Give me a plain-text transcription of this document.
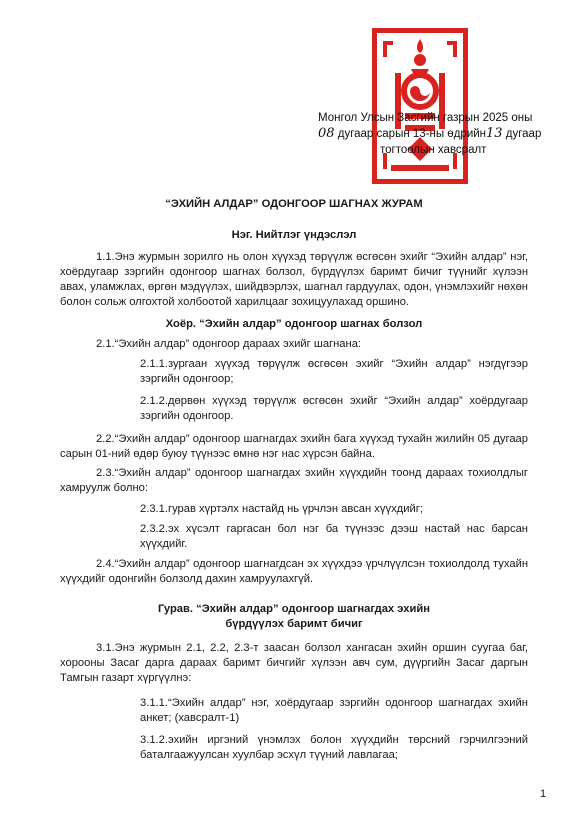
Монгол Улсын Засгийн газрын 2025 оны
08 дугаар сарын 13-ны өдрийн13 дугаар
тогтоолын хавсралт
“ЭХИЙН АЛДАР” ОДОНГООР ШАГНАХ ЖУРАМ
Нэг. Нийтлэг үндэслэл
1.1.Энэ журмын зорилго нь олон хүүхэд төрүүлж өсгөсөн эхийг “Эхийн алдар” нэг, хоёрдугаар зэргийн одонгоор шагнах болзол, бүрдүүлэх баримт бичиг түүнийг хүлээн авах, уламжлах, өргөн мэдүүлэх, шийдвэрлэх, шагнал гардуулах, одон, үнэмлэхийг нөхөн болон сольж олгохтой холбоотой харилцааг зохицуулахад оршино.
Хоёр. “Эхийн алдар” одонгоор шагнах болзол
2.1.“Эхийн алдар” одонгоор дараах эхийг шагнана:
2.1.1.зургаан хүүхэд төрүүлж өсгөсөн эхийг “Эхийн алдар” нэгдүгээр зэргийн одонгоор;
2.1.2.дөрвөн хүүхэд төрүүлж өсгөсөн эхийг “Эхийн алдар” хоёрдугаар зэргийн одонгоор.
2.2.“Эхийн алдар” одонгоор шагнагдах эхийн бага хүүхэд тухайн жилийн 05 дугаар сарын 01-ний өдөр буюу түүнээс өмнө нэг нас хүрсэн байна.
2.3.“Эхийн алдар” одонгоор шагнагдах эхийн хүүхдийн тоонд дараах тохиолдлыг хамруулж болно:
2.3.1.гурав хүртэлх настайд нь үрчлэн авсан хүүхдийг;
2.3.2.эх хүсэлт гаргасан бол нэг ба түүнээс дээш настай нас барсан хүүхдийг.
2.4.“Эхийн алдар” одонгоор шагнагдсан эх хүүхдээ үрчлүүлсэн тохиолдолд тухайн хүүхдийг одонгийн болзолд дахин хамруулахгүй.
Гурав. “Эхийн алдар” одонгоор шагнагдах эхийн
бүрдүүлэх баримт бичиг
3.1.Энэ журмын 2.1, 2.2, 2.3-т заасан болзол хангасан эхийн оршин суугаа баг, хорооны Засаг дарга дараах баримт бичгийг хүлээн авч сум, дүүргийн Засаг даргын Тамгын газарт хүргүүлнэ:
3.1.1.“Эхийн алдар” нэг, хоёрдугаар зэргийн одонгоор шагнагдах эхийн анкет; (хавсралт-1)
3.1.2.эхийн иргэний үнэмлэх болон хүүхдийн төрсний гэрчилгээний баталгаажуулсан хуулбар эсхүл түүний лавлагаа;
1
